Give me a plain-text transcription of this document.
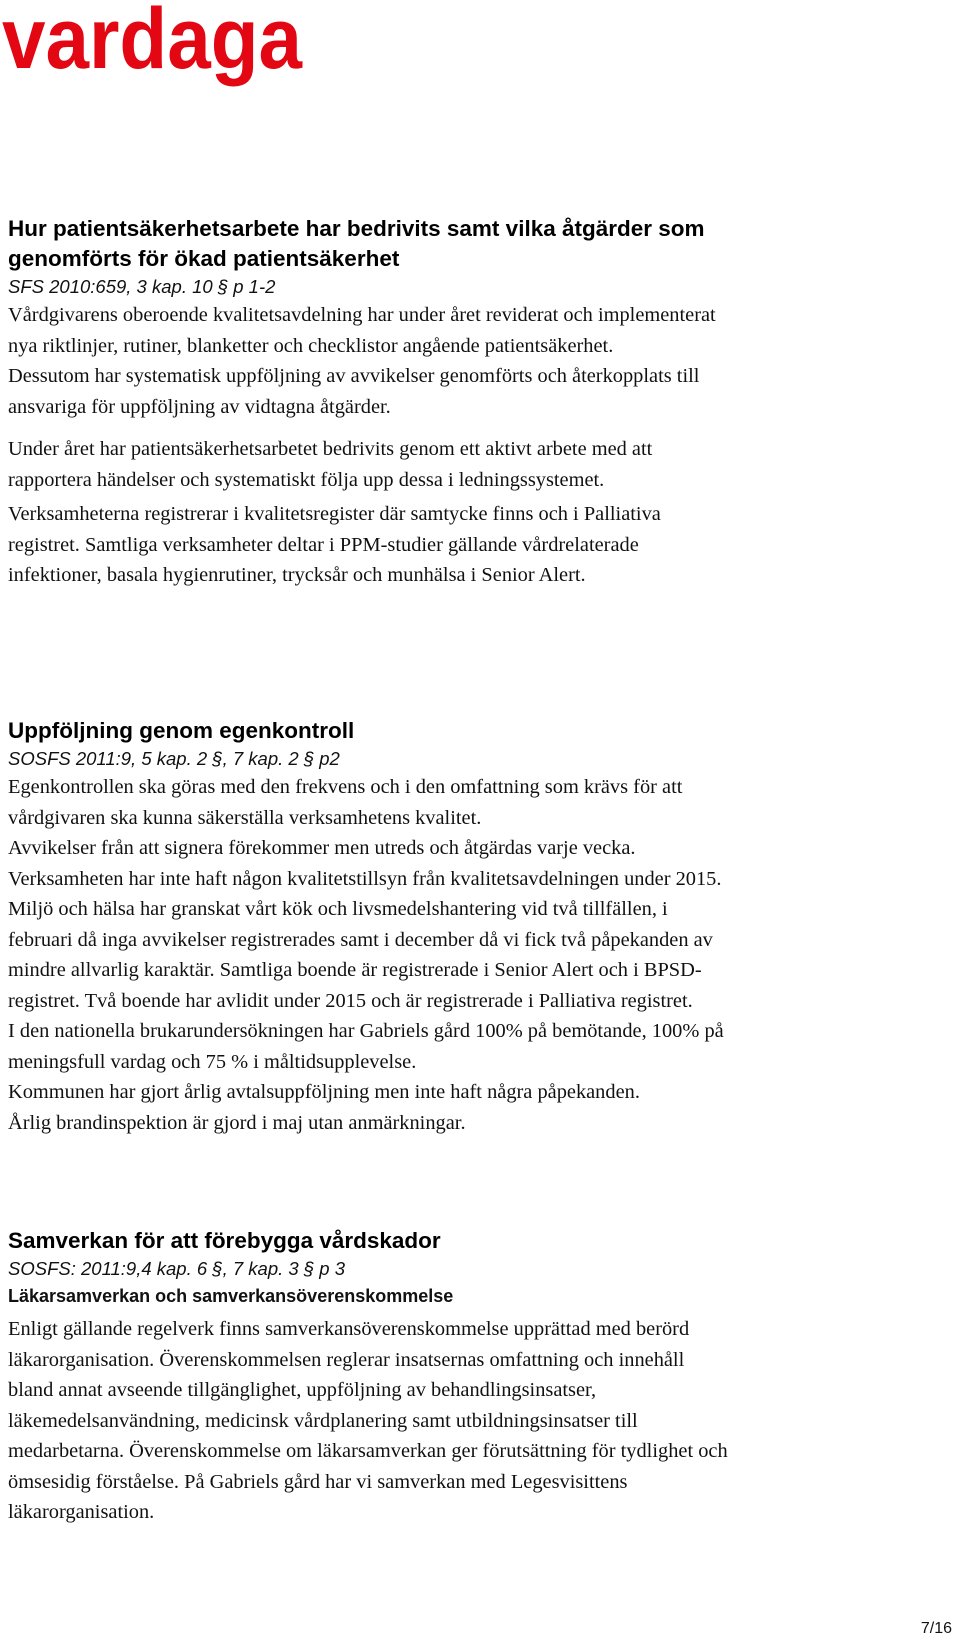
vardaga
Hur patientsäkerhetsarbete har bedrivits samt vilka åtgärder som
genomförts för ökad patientsäkerhet

SFS 2010:659, 3 kap. 10 § p 1-2

Vårdgivarens oberoende kvalitetsavdelning har under året reviderat och implementerat
nya riktlinjer, rutiner, blanketter och checklistor angående patientsäkerhet.
Dessutom har systematisk uppföljning av avvikelser genomförts och återkopplats till
ansvariga för uppföljning av vidtagna åtgärder.

Under året har patientsäkerhetsarbetet bedrivits genom ett aktivt arbete med att
rapportera händelser och systematiskt följa upp dessa i ledningssystemet.

Verksamheterna registrerar i kvalitetsregister där samtycke finns och i Palliativa
registret. Samtliga verksamheter deltar i PPM-studier gällande vårdrelaterade
infektioner, basala hygienrutiner, trycksår och munhälsa i Senior Alert.

Uppföljning genom egenkontroll

SOSFS 2011:9, 5 kap. 2 §, 7 kap. 2 § p2

Egenkontrollen ska göras med den frekvens och i den omfattning som krävs för att
vårdgivaren ska kunna säkerställa verksamhetens kvalitet.
Avvikelser från att signera förekommer men utreds och åtgärdas varje vecka.
Verksamheten har inte haft någon kvalitetstillsyn från kvalitetsavdelningen under 2015.
Miljö och hälsa har granskat vårt kök och livsmedelshantering vid två tillfällen, i
februari då inga avvikelser registrerades samt i december då vi fick två påpekanden av
mindre allvarlig karaktär. Samtliga boende är registrerade i Senior Alert och i BPSD-
registret. Två boende har avlidit under 2015 och är registrerade i Palliativa registret.
I den nationella brukarundersökningen har Gabriels gård 100% på bemötande, 100% på
meningsfull vardag och 75 % i måltidsupplevelse.
Kommunen har gjort årlig avtalsuppföljning men inte haft några påpekanden.
Årlig brandinspektion är gjord i maj utan anmärkningar.

Samverkan för att förebygga vårdskador

SOSFS: 2011:9,4 kap. 6 §, 7 kap. 3 § p 3

Läkarsamverkan och samverkansöverenskommelse

Enligt gällande regelverk finns samverkansöverenskommelse upprättad med berörd
läkarorganisation. Överenskommelsen reglerar insatsernas omfattning och innehåll
bland annat avseende tillgänglighet, uppföljning av behandlingsinsatser,
läkemedelsanvändning, medicinsk vårdplanering samt utbildningsinsatser till
medarbetarna. Överenskommelse om läkarsamverkan ger förutsättning för tydlighet och
ömsesidig förståelse. På Gabriels gård har vi samverkan med Legesvisittens
läkarorganisation.

7/16
